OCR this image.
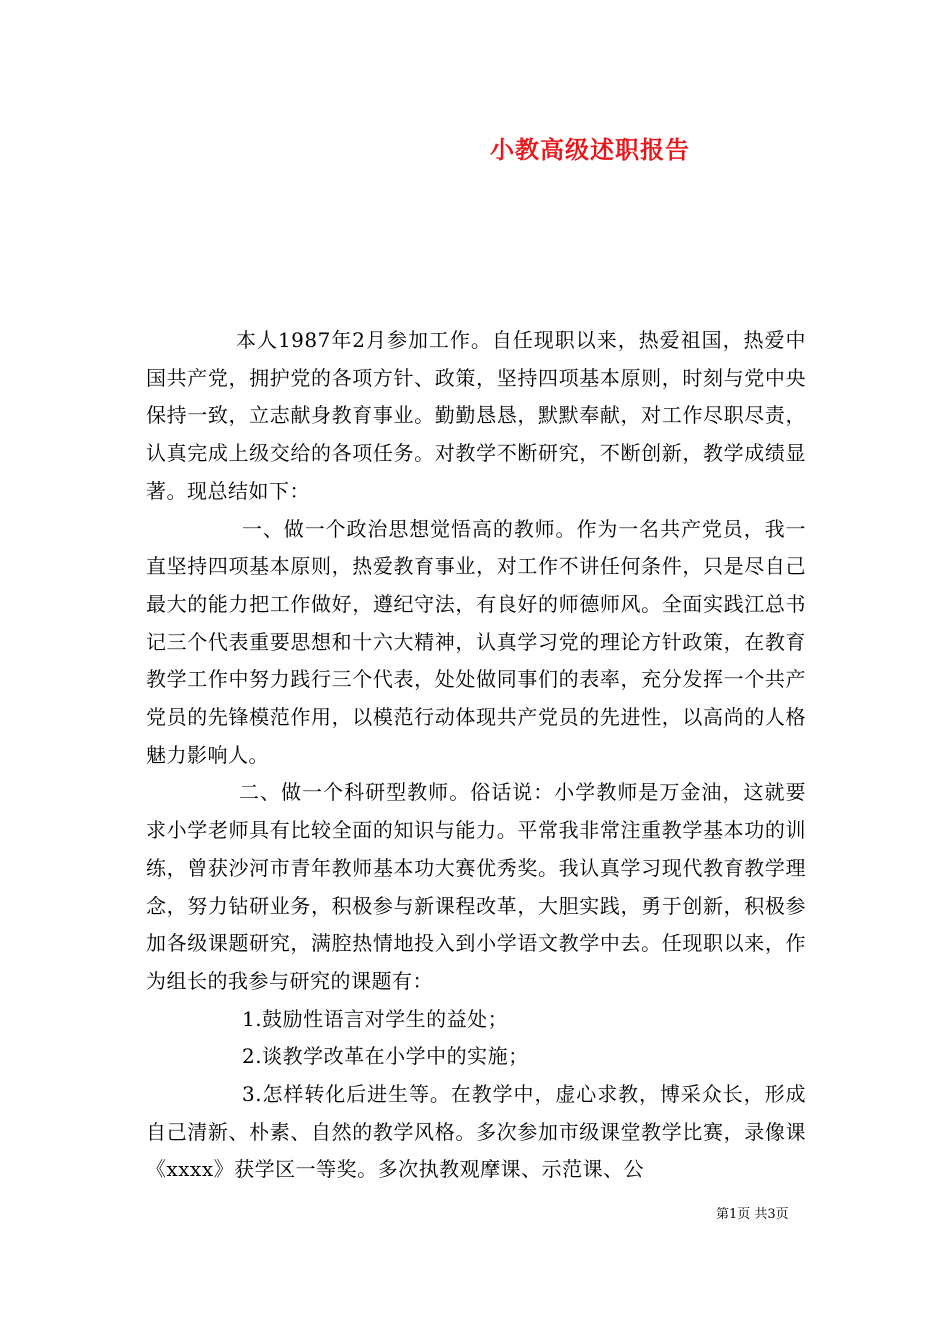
小教高级述职报告

本人1987年2月参加工作。自任现职以来，热爱祖国，热爱中国共产党，拥护党的各项方针、政策，坚持四项基本原则，时刻与党中央保持一致，立志献身教育事业。勤勤恳恳，默默奉献，对工作尽职尽责，认真完成上级交给的各项任务。对教学不断研究，不断创新，教学成绩显著。现总结如下：

一、做一个政治思想觉悟高的教师。作为一名共产党员，我一直坚持四项基本原则，热爱教育事业，对工作不讲任何条件，只是尽自己最大的能力把工作做好，遵纪守法，有良好的师德师风。全面实践江总书记三个代表重要思想和十六大精神，认真学习党的理论方针政策，在教育教学工作中努力践行三个代表，处处做同事们的表率，充分发挥一个共产党员的先锋模范作用，以模范行动体现共产党员的先进性，以高尚的人格魅力影响人。

二、做一个科研型教师。俗话说：小学教师是万金油，这就要求小学老师具有比较全面的知识与能力。平常我非常注重教学基本功的训练，曾获沙河市青年教师基本功大赛优秀奖。我认真学习现代教育教学理念，努力钻研业务，积极参与新课程改革，大胆实践，勇于创新，积极参加各级课题研究，满腔热情地投入到小学语文教学中去。任现职以来，作为组长的我参与研究的课题有：

1.鼓励性语言对学生的益处；

2.谈教学改革在小学中的实施；

3.怎样转化后进生等。在教学中，虚心求教，博采众长，形成自己清新、朴素、自然的教学风格。多次参加市级课堂教学比赛，录像课《xxxx》获学区一等奖。多次执教观摩课、示范课、公

第1页 共3页
